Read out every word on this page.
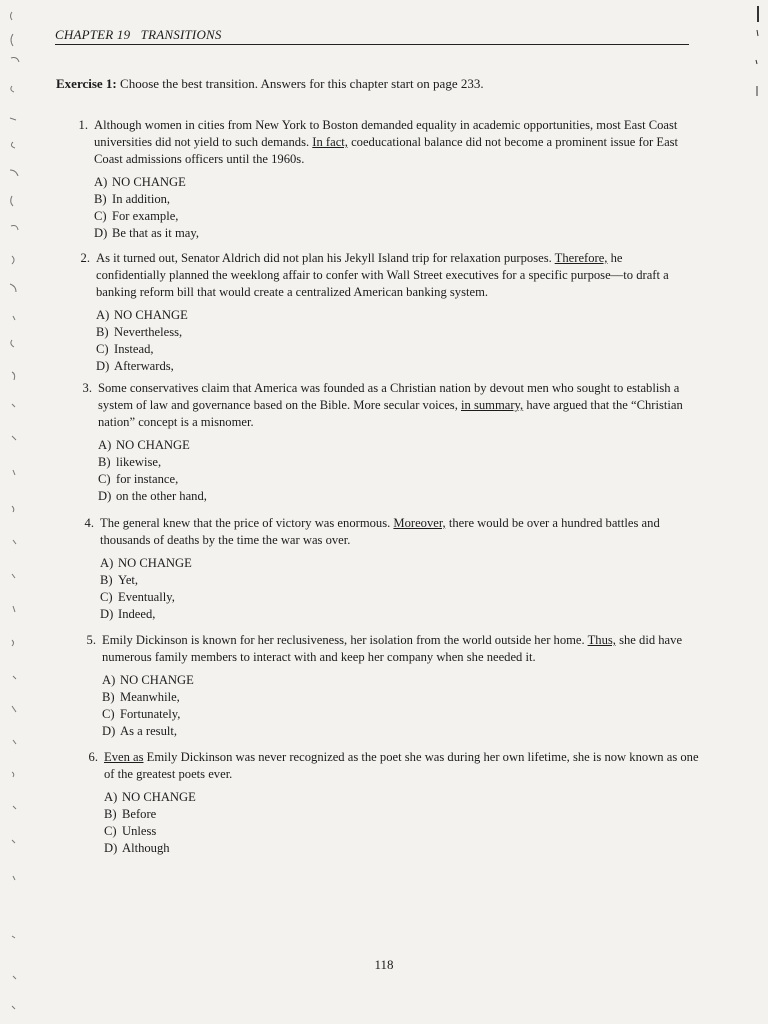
CHAPTER 19 TRANSITIONS
Exercise 1: Choose the best transition. Answers for this chapter start on page 233.
1. Although women in cities from New York to Boston demanded equality in academic opportunities, most East Coast universities did not yield to such demands. In fact, coeducational balance did not become a prominent issue for East Coast admissions officers until the 1960s.
A) NO CHANGE
B) In addition,
C) For example,
D) Be that as it may,
2. As it turned out, Senator Aldrich did not plan his Jekyll Island trip for relaxation purposes. Therefore, he confidentially planned the weeklong affair to confer with Wall Street executives for a specific purpose—to draft a banking reform bill that would create a centralized American banking system.
A) NO CHANGE
B) Nevertheless,
C) Instead,
D) Afterwards,
3. Some conservatives claim that America was founded as a Christian nation by devout men who sought to establish a system of law and governance based on the Bible. More secular voices, in summary, have argued that the “Christian nation” concept is a misnomer.
A) NO CHANGE
B) likewise,
C) for instance,
D) on the other hand,
4. The general knew that the price of victory was enormous. Moreover, there would be over a hundred battles and thousands of deaths by the time the war was over.
A) NO CHANGE
B) Yet,
C) Eventually,
D) Indeed,
5. Emily Dickinson is known for her reclusiveness, her isolation from the world outside her home. Thus, she did have numerous family members to interact with and keep her company when she needed it.
A) NO CHANGE
B) Meanwhile,
C) Fortunately,
D) As a result,
6. Even as Emily Dickinson was never recognized as the poet she was during her own lifetime, she is now known as one of the greatest poets ever.
A) NO CHANGE
B) Before
C) Unless
D) Although
118
